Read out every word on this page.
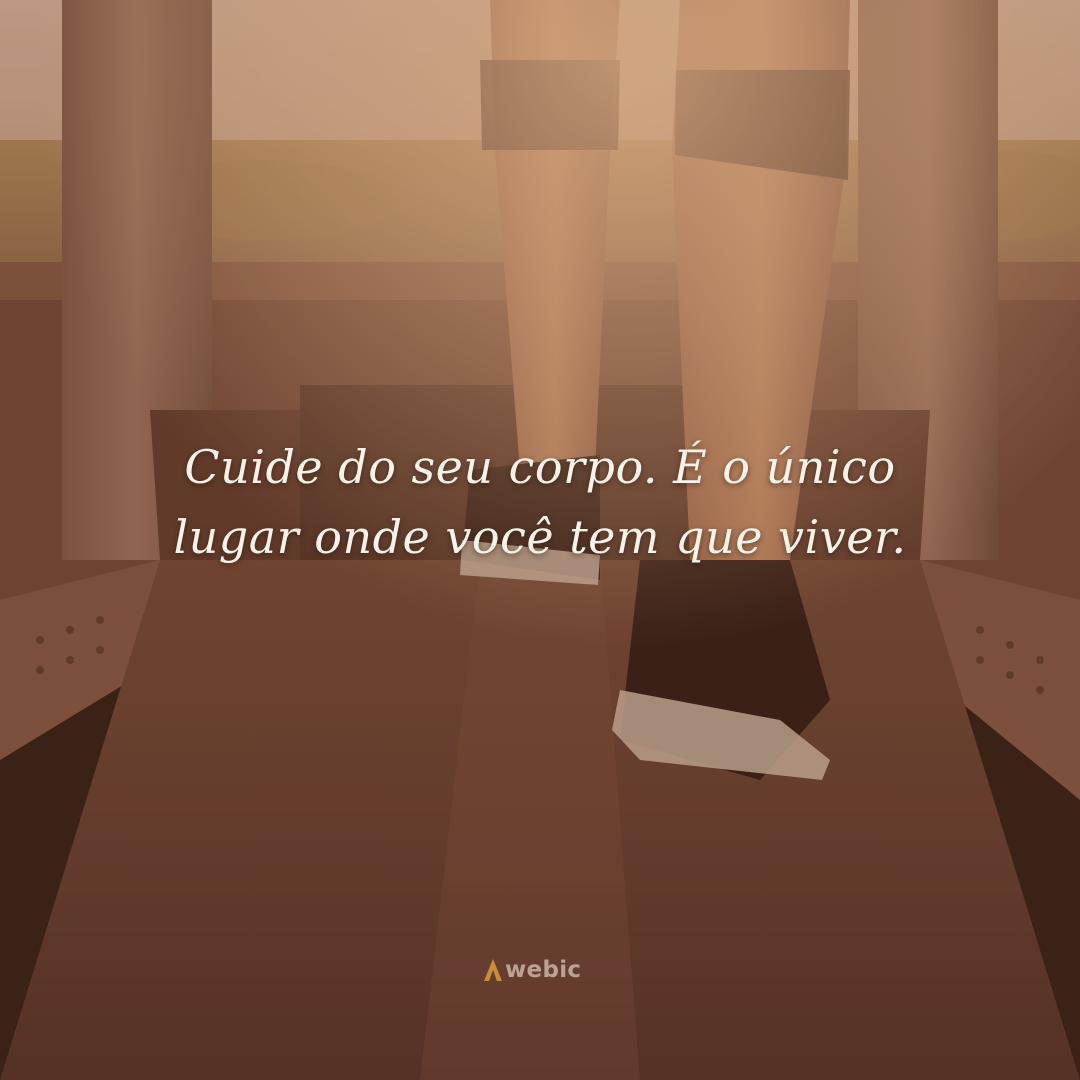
Cuide do seu corpo. É o único
lugar onde você tem que viver.

webic
